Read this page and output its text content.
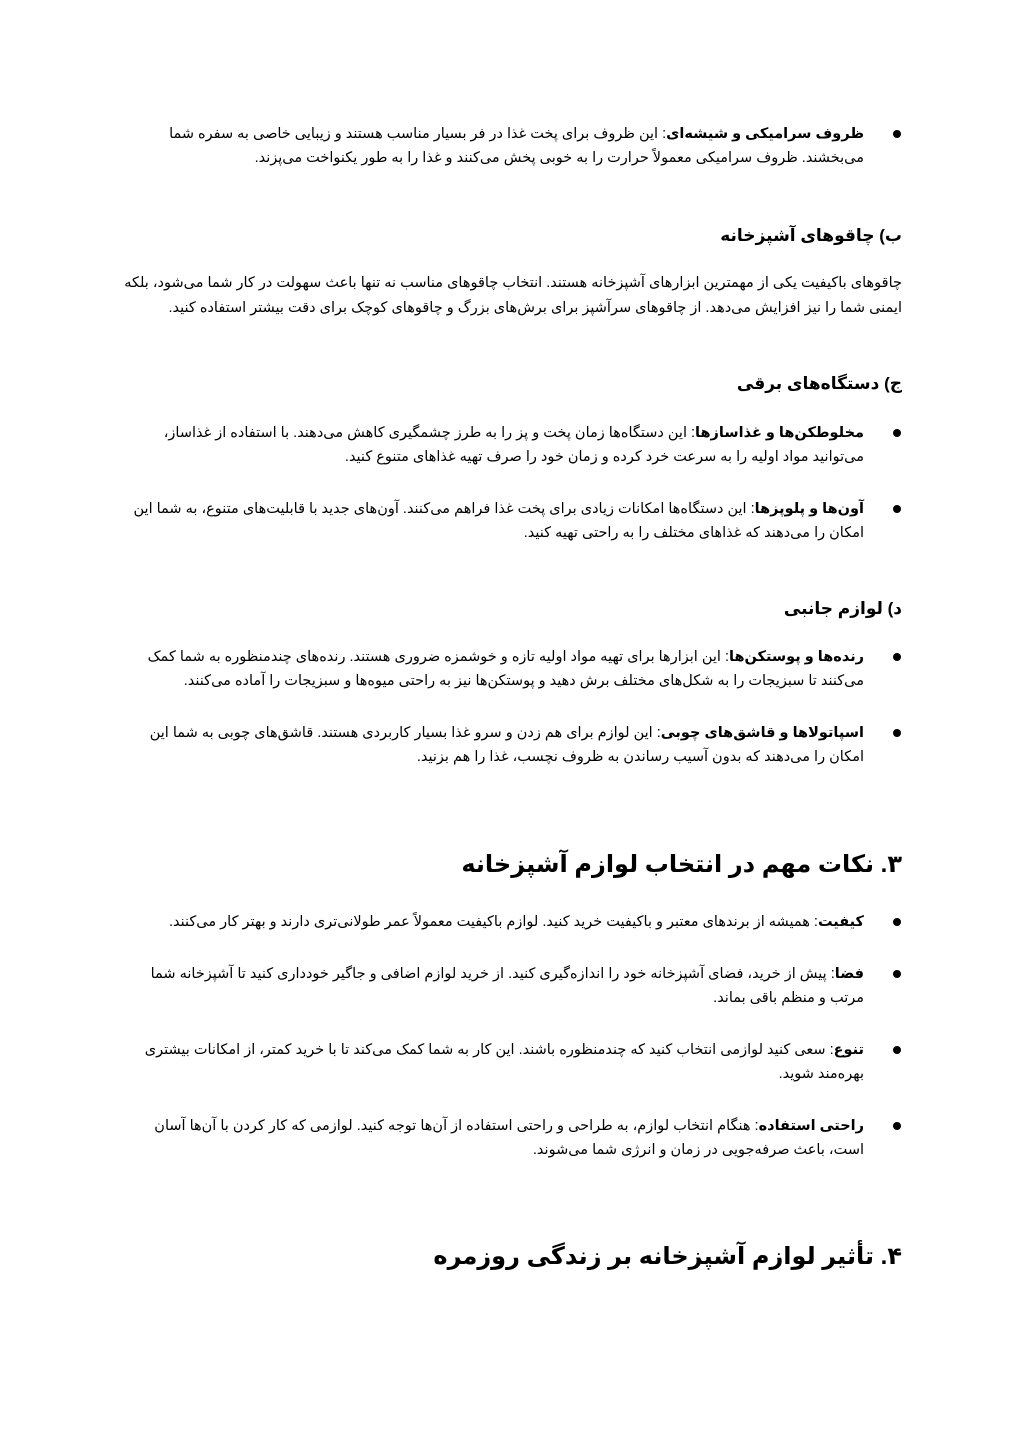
ظروف سرامیکی و شیشه‌ای: این ظروف برای پخت غذا در فر بسیار مناسب هستند و زیبایی خاصی به سفره شما می‌بخشند. ظروف سرامیکی معمولاً حرارت را به خوبی پخش می‌کنند و غذا را به طور یکنواخت می‌پزند.
ب) چاقوهای آشپزخانه

چاقوهای باکیفیت یکی از مهمترین ابزارهای آشپزخانه هستند. انتخاب چاقوهای مناسب نه تنها باعث سهولت در کار شما می‌شود، بلکه ایمنی شما را نیز افزایش می‌دهد. از چاقوهای سرآشپز برای برش‌های بزرگ و چاقوهای کوچک برای دقت بیشتر استفاده کنید.

ج) دستگاه‌های برقی
مخلوطکن‌ها و غذاسازها: این دستگاه‌ها زمان پخت و پز را به طرز چشمگیری کاهش می‌دهند. با استفاده از غذاساز، می‌توانید مواد اولیه را به سرعت خرد کرده و زمان خود را صرف تهیه غذاهای متنوع کنید.
آون‌ها و پلوپزها: این دستگاه‌ها امکانات زیادی برای پخت غذا فراهم می‌کنند. آون‌های جدید با قابلیت‌های متنوع، به شما این امکان را می‌دهند که غذاهای مختلف را به راحتی تهیه کنید.
د) لوازم جانبی
رنده‌ها و پوستکن‌ها: این ابزارها برای تهیه مواد اولیه تازه و خوشمزه ضروری هستند. رنده‌های چندمنظوره به شما کمک می‌کنند تا سبزیجات را به شکل‌های مختلف برش دهید و پوستکن‌ها نیز به راحتی میوه‌ها و سبزیجات را آماده می‌کنند.
اسپاتولاها و قاشق‌های چوبی: این لوازم برای هم زدن و سرو غذا بسیار کاربردی هستند. قاشق‌های چوبی به شما این امکان را می‌دهند که بدون آسیب رساندن به ظروف نچسب، غذا را هم بزنید.
۳. نکات مهم در انتخاب لوازم آشپزخانه
کیفیت: همیشه از برندهای معتبر و باکیفیت خرید کنید. لوازم باکیفیت معمولاً عمر طولانی‌تری دارند و بهتر کار می‌کنند.
فضا: پیش از خرید، فضای آشپزخانه خود را اندازه‌گیری کنید. از خرید لوازم اضافی و جاگیر خودداری کنید تا آشپزخانه شما مرتب و منظم باقی بماند.
تنوع: سعی کنید لوازمی انتخاب کنید که چندمنظوره باشند. این کار به شما کمک می‌کند تا با خرید کمتر، از امکانات بیشتری بهره‌مند شوید.
راحتی استفاده: هنگام انتخاب لوازم، به طراحی و راحتی استفاده از آن‌ها توجه کنید. لوازمی که کار کردن با آن‌ها آسان است، باعث صرفه‌جویی در زمان و انرژی شما می‌شوند.
۴. تأثیر لوازم آشپزخانه بر زندگی روزمره
